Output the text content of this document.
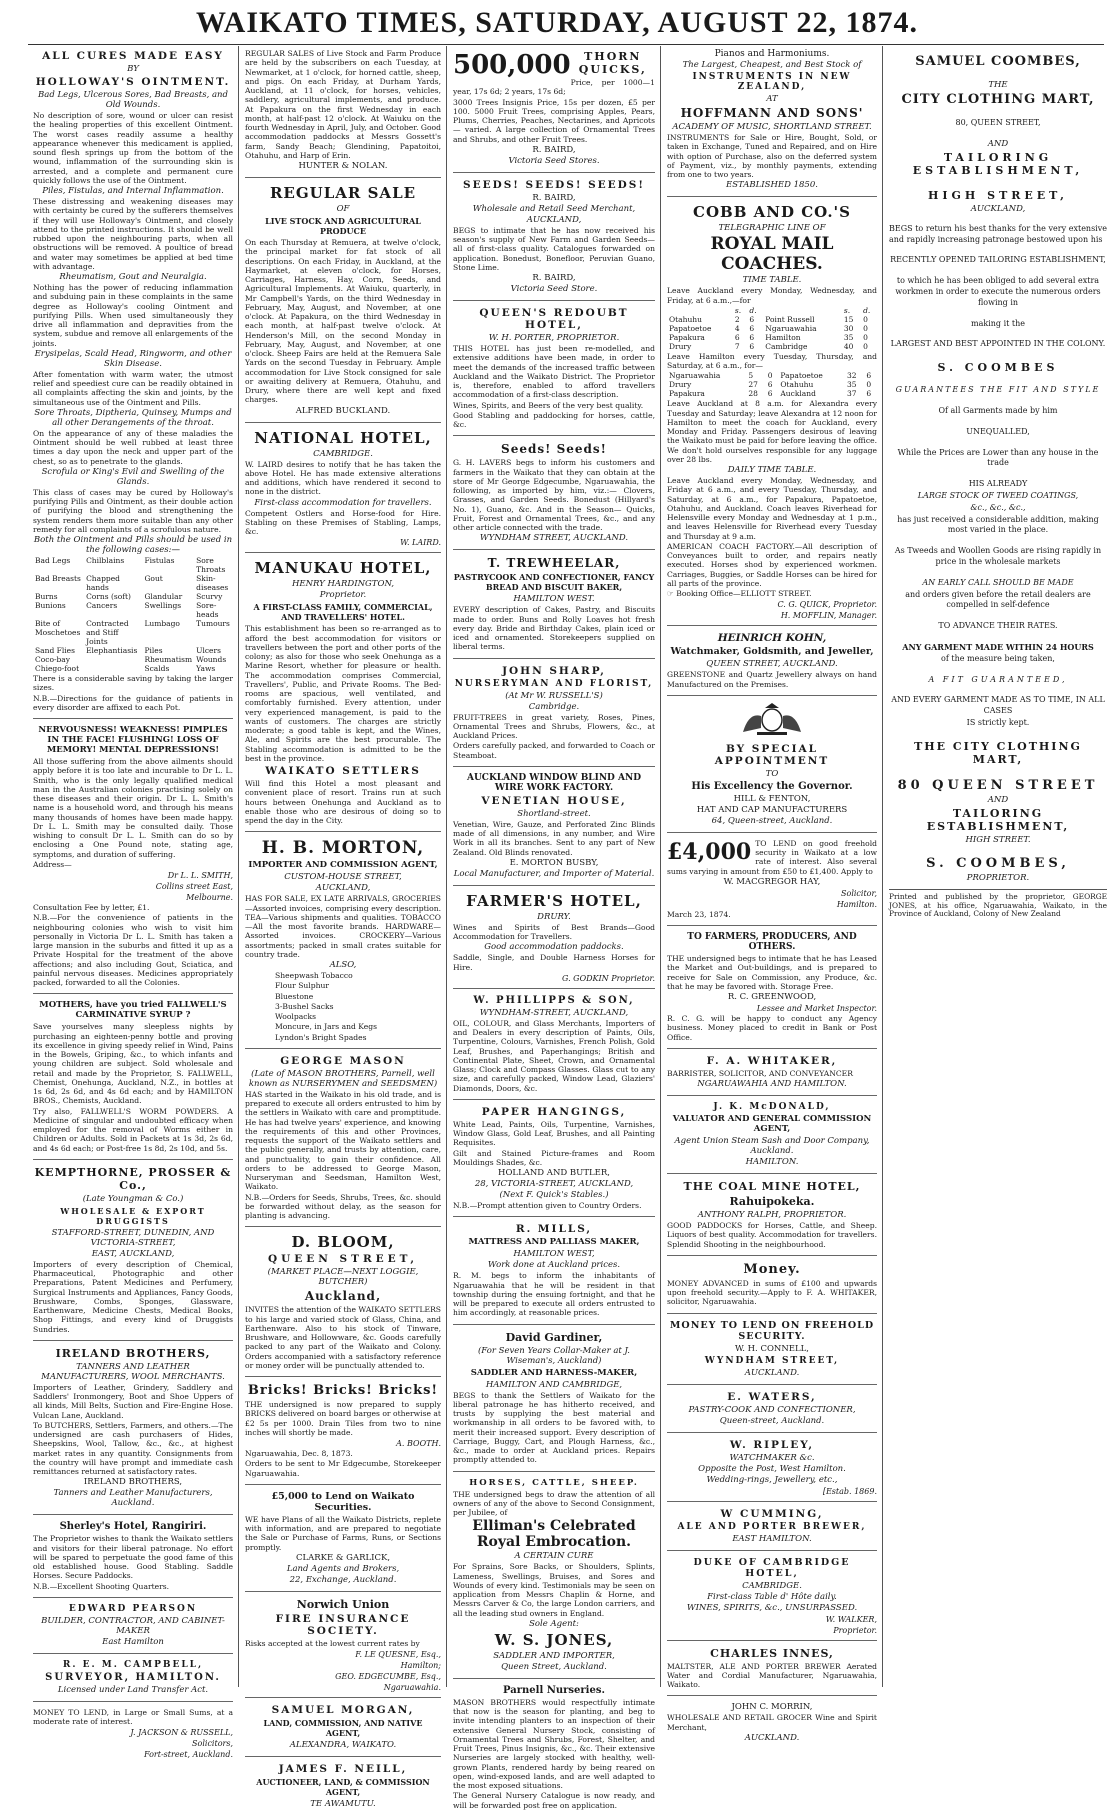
WAIKATO TIMES, SATURDAY, AUGUST 22, 1874.
ALL CURES MADE EASY
BY
HOLLOWAY'S OINTMENT.
Bad Legs, Ulcerous Sores, Bad Breasts, and Old Wounds.
No description of sore, wound or ulcer can resist the healing properties of this excellent Ointment. The worst cases readily assume a healthy appearance whenever this medicament is applied, sound flesh springs up from the bottom of the wound, inflammation of the surrounding skin is arrested, and a complete and permanent cure quickly follows the use of the Ointment.
Piles, Fistulas, and Internal Inflammation.
These distressing and weakening diseases may with certainty be cured by the sufferers themselves if they will use Holloway's Ointment, and closely attend to the printed instructions. It should be well rubbed upon the neighbouring parts, when all obstructions will be removed. A poultice of bread and water may sometimes be applied at bed time with advantage.
Rheumatism, Gout and Neuralgia.
Nothing has the power of reducing inflammation and subduing pain in these complaints in the same degree as Holloway's cooling Ointment and purifying Pills. When used simultaneously they drive all inflammation and depravities from the system, subdue and remove all enlargements of the joints.
Erysipelas, Scald Head, Ringworm, and other Skin Disease.
After fomentation with warm water, the utmost relief and speediest cure can be readily obtained in all complaints affecting the skin and joints, by the simultaneous use of the Ointment and Pills.
Sore Throats, Diptheria, Quinsey, Mumps and all other Derangements of the throat.
On the appearance of any of these maladies the Ointment should be well rubbed at least three times a day upon the neck and upper part of the chest, so as to penetrate to the glands.
Scrofula or King's Evil and Swelling of the Glands.
This class of cases may be cured by Holloway's purifying Pills and Ointment, as their double action of purifying the blood and strengthening the system renders them more suitable than any other remedy for all complaints of a scrofulous nature.
Both the Ointment and Pills should be used in the following cases:—
Bad Legs	Chilblains	Fistulas	Sore Throats
Bad Breasts	Chapped hands	Gout	Skin-diseases
Burns	Corns (soft)	Glandular	Scurvy
Bunions	Cancers	Swellings	Sore-heads
Bite of Moschetoes	Contracted and Stiff Joints	Lumbago	Tumours
Sand Flies	Elephantiasis	Piles	Ulcers
Coco-bay		Rheumatism	Wounds
Chiego-foot		Scalds	Yaws
There is a considerable saving by taking the larger sizes.
N.B.—Directions for the guidance of patients in every disorder are affixed to each Pot.
NERVOUSNESS! WEAKNESS! PIMPLES IN THE FACE! FLUSHING! LOSS OF MEMORY! MENTAL DEPRESSIONS!
All those suffering from the above ailments should apply before it is too late and incurable to Dr L. L. Smith, who is the only legally qualified medical man in the Australian colonies practising solely on these diseases and their origin. Dr L. L. Smith's name is a household word, and through his means many thousands of homes have been made happy. Dr L. L. Smith may be consulted daily. Those wishing to consult Dr L. L. Smith can do so by enclosing a One Pound note, stating age, symptoms, and duration of suffering.
Address—
Dr L. L. SMITH,
Collins street East,
Melbourne.
Consultation Fee by letter, £1.
N.B.—For the convenience of patients in the neighbouring colonies who wish to visit him personally in Victoria Dr L. L. Smith has taken a large mansion in the suburbs and fitted it up as a Private Hospital for the treatment of the above affections; and also including Gout, Sciatica, and painful nervous diseases. Medicines appropriately packed, forwarded to all the Colonies.
MOTHERS, have you tried FALLWELL'S CARMINATIVE SYRUP ?
Save yourselves many sleepless nights by purchasing an eighteen-penny bottle and proving its excellence in giving speedy relief in Wind, Pains in the Bowels, Griping, &c., to which infants and young children are subject. Sold wholesale and retail and made by the Proprietor, S. FALLWELL, Chemist, Onehunga, Auckland, N.Z., in bottles at 1s 6d, 2s 6d, and 4s 6d each; and by HAMILTON BROS., Chemists, Auckland.
Try also, FALLWELL'S WORM POWDERS. A Medicine of singular and undoubted efficacy when employed for the removal of Worms either in Children or Adults. Sold in Packets at 1s 3d, 2s 6d, and 4s 6d each; or Post-free 1s 8d, 2s 10d, and 5s.
KEMPTHORNE, PROSSER & Co.,
(Late Youngman & Co.)
WHOLESALE & EXPORT DRUGGISTS
STAFFORD-STREET, DUNEDIN, AND VICTORIA-STREET,
EAST, AUCKLAND,
Importers of every description of Chemical, Pharmaceutical, Photographic and other Preparations, Patent Medicines and Perfumery, Surgical Instruments and Appliances, Fancy Goods, Brushware, Combs, Sponges, Glassware, Earthenware, Medicine Chests, Medical Books, Shop Fittings, and every kind of Druggists Sundries.
IRELAND BROTHERS,
TANNERS AND LEATHER MANUFACTURERS, WOOL MERCHANTS.
Importers of Leather, Grindery, Saddlery and Saddlers' Ironmongery, Boot and Shoe Uppers of all kinds, Mill Belts, Suction and Fire-Engine Hose. Vulcan Lane, Auckland.
To BUTCHERS, Settlers, Farmers, and others.—The undersigned are cash purchasers of Hides, Sheepskins, Wool, Tallow, &c., &c., at highest market rates in any quantity. Consignments from the country will have prompt and immediate cash remittances returned at satisfactory rates.
IRELAND BROTHERS,
Tanners and Leather Manufacturers, Auckland.
Sherley's Hotel, Rangiriri.
The Proprietor wishes to thank the Waikato settlers and visitors for their liberal patronage. No effort will be spared to perpetuate the good fame of this old established house. Good Stabling. Saddle Horses. Secure Paddocks.
N.B.—Excellent Shooting Quarters.
EDWARD PEARSON
BUILDER, CONTRACTOR, AND CABINET-MAKER
East Hamilton
R. E. M. CAMPBELL,
SURVEYOR, HAMILTON.
Licensed under Land Transfer Act.
MONEY TO LEND, in Large or Small Sums, at a moderate rate of interest.
J. JACKSON & RUSSELL,
Solicitors,
Fort-street, Auckland.
REGULAR SALES of Live Stock and Farm Produce are held by the subscribers on each Tuesday, at Newmarket, at 1 o'clock, for horned cattle, sheep, and pigs. On each Friday, at Durham Yards, Auckland, at 11 o'clock, for horses, vehicles, saddlery, agricultural implements, and produce. At Papakura on the first Wednesday in each month, at half-past 12 o'clock. At Waiuku on the fourth Wednesday in April, July, and October. Good accommodation paddocks at Messrs Gossett's farm, Sandy Beach; Glendining, Papatoitoi, Otahuhu, and Harp of Erin.
HUNTER & NOLAN.
REGULAR SALE
OF
LIVE STOCK AND AGRICULTURAL PRODUCE
On each Thursday at Remuera, at twelve o'clock, the principal market for fat stock of all descriptions. On each Friday, in Auckland, at the Haymarket, at eleven o'clock, for Horses, Carriages, Harness, Hay, Corn, Seeds, and Agricultural Implements. At Waiuku, quarterly, in Mr Campbell's Yards, on the third Wednesday in February, May, August, and November, at one o'clock. At Papakura, on the third Wednesday in each month, at half-past twelve o'clock. At Henderson's Mill, on the second Monday in February, May, August, and November, at one o'clock. Sheep Fairs are held at the Remuera Sale Yards on the second Tuesday in February. Ample accommodation for Live Stock consigned for sale or awaiting delivery at Remuera, Otahuhu, and Drury, where there are well kept and fixed charges.
ALFRED BUCKLAND.
NATIONAL HOTEL,
CAMBRIDGE.
W. LAIRD desires to notify that he has taken the above Hotel. He has made extensive alterations and additions, which have rendered it second to none in the district.
First-class accommodation for travellers.
Competent Ostlers and Horse-food for Hire. Stabling on these Premises of Stabling, Lamps, &c.
W. LAIRD.
MANUKAU HOTEL,
HENRY HARDINGTON,
Proprietor.
A FIRST-CLASS FAMILY, COMMERCIAL, AND TRAVELLERS' HOTEL.
This establishment has been so re-arranged as to afford the best accommodation for visitors or travellers between the port and other ports of the colony; as also for those who seek Onehunga as a Marine Resort, whether for pleasure or health. The accommodation comprises Commercial, Travellers', Public, and Private Rooms. The Bed-rooms are spacious, well ventilated, and comfortably furnished. Every attention, under very experienced management, is paid to the wants of customers. The charges are strictly moderate; a good table is kept, and the Wines, Ale, and Spirits are the best procurable. The Stabling accommodation is admitted to be the best in the province.
WAIKATO SETTLERS
Will find this Hotel a most pleasant and convenient place of resort. Trains run at such hours between Onehunga and Auckland as to enable those who are desirous of doing so to spend the day in the City.
H. B. MORTON,
IMPORTER AND COMMISSION AGENT,
CUSTOM-HOUSE STREET,
AUCKLAND,
HAS FOR SALE, EX LATE ARRIVALS, GROCERIES—Assorted invoices, comprising every description. TEA—Various shipments and qualities. TOBACCO—All the most favorite brands. HARDWARE—Assorted invoices. CROCKERY—Various assortments; packed in small crates suitable for country trade.
ALSO,
Sheepwash Tobacco
Flour Sulphur
Bluestone
3-Bushel Sacks
Woolpacks
Moncure, in Jars and Kegs
Lyndon's Bright Spades
GEORGE MASON
(Late of MASON BROTHERS, Parnell, well known as NURSERYMEN and SEEDSMEN)
HAS started in the Waikato in his old trade, and is prepared to execute all orders entrusted to him by the settlers in Waikato with care and promptitude. He has had twelve years' experience, and knowing the requirements of this and other Provinces, requests the support of the Waikato settlers and the public generally, and trusts by attention, care, and punctuality, to gain their confidence. All orders to be addressed to George Mason, Nurseryman and Seedsman, Hamilton West, Waikato.
N.B.—Orders for Seeds, Shrubs, Trees, &c. should be forwarded without delay, as the season for planting is advancing.
D. BLOOM,
QUEEN STREET,
(MARKET PLACE—NEXT LOGGIE, BUTCHER)
Auckland,
INVITES the attention of the WAIKATO SETTLERS to his large and varied stock of Glass, China, and Earthenware. Also to his stock of Tinware, Brushware, and Hollowware, &c. Goods carefully packed to any part of the Waikato and Colony. Orders accompanied with a satisfactory reference or money order will be punctually attended to.
Bricks! Bricks! Bricks!
THE undersigned is now prepared to supply BRICKS delivered on board barges or otherwise at £2 5s per 1000. Drain Tiles from two to nine inches will shortly be made.
A. BOOTH.
Ngaruawahia, Dec. 8, 1873.
Orders to be sent to Mr Edgecumbe, Storekeeper Ngaruawahia.
£5,000 to Lend on Waikato Securities.
WE have Plans of all the Waikato Districts, replete with information, and are prepared to negotiate the Sale or Purchase of Farms, Runs, or Sections promptly.
CLARKE & GARLICK,
Land Agents and Brokers,
22, Exchange, Auckland.
Norwich Union
FIRE INSURANCE SOCIETY.
Risks accepted at the lowest current rates by
F. LE QUESNE, Esq.,
Hamilton;
GEO. EDGECUMBE, Esq.,
Ngaruawahia.
SAMUEL MORGAN,
LAND, COMMISSION, AND NATIVE AGENT,
ALEXANDRA, WAIKATO.
JAMES F. NEILL,
AUCTIONEER, LAND, & COMMISSION AGENT,
TE AWAMUTU.
500,000	THORN QUICKS,
Price, per 1000—1 year, 17s 6d; 2 years, 17s 6d;
3000 Trees Insignis Price, 15s per dozen, £5 per 100. 5000 Fruit Trees, comprising Apples, Pears, Plums, Cherries, Peaches, Nectarines, and Apricots — varied. A large collection of Ornamental Trees and Shrubs, and other Fruit Trees.
R. BAIRD,
Victoria Seed Stores.
SEEDS! SEEDS! SEEDS!
R. BAIRD,
Wholesale and Retail Seed Merchant,
AUCKLAND,
BEGS to intimate that he has now received his season's supply of New Farm and Garden Seeds—all of first-class quality. Catalogues forwarded on application. Bonedust, Bonefloor, Peruvian Guano, Stone Lime.
R. BAIRD,
Victoria Seed Store.
QUEEN'S REDOUBT HOTEL,
W. H. PORTER, PROPRIETOR.
THIS HOTEL has just been re-modelled, and extensive additions have been made, in order to meet the demands of the increased traffic between Auckland and the Waikato District. The Proprietor is, therefore, enabled to afford travellers accommodation of a first-class description.
Wines, Spirits, and Beers of the very best quality.
Good Stabling and paddocking for horses, cattle, &c.
Seeds! Seeds!
G. H. LAVERS begs to inform his customers and farmers in the Waikato that they can obtain at the store of Mr George Edgecumbe, Ngaruawahia, the following, as imported by him, viz.:— Clovers, Grasses, and Garden Seeds. Bonedust (Hillyard's No. 1), Guano, &c. And in the Season— Quicks, Fruit, Forest and Ornamental Trees, &c., and any other article connected with the trade.
WYNDHAM STREET, AUCKLAND.
T. TREWHEELAR,
PASTRYCOOK AND CONFECTIONER, FANCY BREAD AND BISCUIT BAKER,
HAMILTON WEST.
EVERY description of Cakes, Pastry, and Biscuits made to order. Buns and Rolly Loaves hot fresh every day. Bride and Birthday Cakes, plain iced or iced and ornamented. Storekeepers supplied on liberal terms.
JOHN SHARP,
NURSERYMAN AND FLORIST,
(At Mr W. RUSSELL'S)
Cambridge.
FRUIT-TREES in great variety, Roses, Pines, Ornamental Trees and Shrubs, Flowers, &c., at Auckland Prices.
Orders carefully packed, and forwarded to Coach or Steamboat.
AUCKLAND WINDOW BLIND AND WIRE WORK FACTORY.
VENETIAN HOUSE,
Shortland-street.
Venetian, Wire, Gauze, and Perforated Zinc Blinds made of all dimensions, in any number, and Wire Work in all its branches. Sent to any part of New Zealand. Old Blinds renovated.
E. MORTON BUSBY,
Local Manufacturer, and Importer of Material.
FARMER'S HOTEL,
DRURY.
Wines and Spirits of Best Brands—Good Accommodation for Travellers.
Good accommodation paddocks.
Saddle, Single, and Double Harness Horses for Hire.
G. GODKIN Proprietor.
W. PHILLIPPS & SON,
WYNDHAM-STREET, AUCKLAND,
OIL, COLOUR, and Glass Merchants, Importers of and Dealers in every description of Paints, Oils, Turpentine, Colours, Varnishes, French Polish, Gold Leaf, Brushes, and Paperhangings; British and Continental Plate, Sheet, Crown, and Ornamental Glass; Clock and Compass Glasses. Glass cut to any size, and carefully packed, Window Lead, Glaziers' Diamonds, Doors, &c.
PAPER HANGINGS,
White Lead, Paints, Oils, Turpentine, Varnishes, Window Glass, Gold Leaf, Brushes, and all Painting Requisites.
Gilt and Stained Picture-frames and Room Mouldings Shades, &c.
HOLLAND AND BUTLER,
28, VICTORIA-STREET, AUCKLAND,
(Next F. Quick's Stables.)
N.B.—Prompt attention given to Country Orders.
R. MILLS,
MATTRESS AND PALLIASS MAKER,
HAMILTON WEST,
Work done at Auckland prices.
R. M. begs to inform the inhabitants of Ngaruawahia that he will be resident in that township during the ensuing fortnight, and that he will be prepared to execute all orders entrusted to him accordingly, at reasonable prices.
David Gardiner,
(For Seven Years Collar-Maker at J. Wiseman's, Auckland)
SADDLER AND HARNESS-MAKER,
HAMILTON AND CAMBRIDGE,
BEGS to thank the Settlers of Waikato for the liberal patronage he has hitherto received, and trusts by supplying the best material and workmanship in all orders to be favored with, to merit their increased support. Every description of Carriage, Buggy, Cart, and Plough Harness, &c., &c., made to order at Auckland prices. Repairs promptly attended to.
HORSES, CATTLE, SHEEP.
THE undersigned begs to draw the attention of all owners of any of the above to Second Consignment, per Jubilee, of
Elliman's Celebrated Royal Embrocation.
A CERTAIN CURE
For Sprains, Sore Backs, or Shoulders, Splints, Lameness, Swellings, Bruises, and Sores and Wounds of every kind. Testimonials may be seen on application from Messrs Chaplin & Horne, and Messrs Carver & Co, the large London carriers, and all the leading stud owners in England.
Sole Agent:
W. S. JONES,
SADDLER AND IMPORTER,
Queen Street, Auckland.
Parnell Nurseries.
MASON BROTHERS would respectfully intimate that now is the season for planting, and beg to invite intending planters to an inspection of their extensive General Nursery Stock, consisting of Ornamental Trees and Shrubs, Forest, Shelter, and Fruit Trees, Pinus Insignis, &c., &c. Their extensive Nurseries are largely stocked with healthy, well-grown Plants, rendered hardy by being reared on open, wind-exposed lands, and are well adapted to the most exposed situations.
The General Nursery Catalogue is now ready, and will be forwarded post free on application.
Pianos and Harmoniums.
The Largest, Cheapest, and Best Stock of
INSTRUMENTS IN NEW ZEALAND,
AT
HOFFMANN AND SONS'
ACADEMY OF MUSIC, SHORTLAND STREET.
INSTRUMENTS for Sale or Hire, Bought, Sold, or taken in Exchange, Tuned and Repaired, and on Hire with option of Purchase, also on the deferred system of Payment, viz., by monthly payments, extending from one to two years.
ESTABLISHED 1850.
COBB AND CO.'S
TELEGRAPHIC LINE OF
ROYAL MAIL COACHES.
TIME TABLE.
Leave Auckland every Monday, Wednesday, and Friday, at 6 a.m.,—for
	s.	d.		s.	d.
Otahuhu	2	6	Point Russell	15	0
Papatoetoe	4	6	Ngaruawahia	30	0
Papakura	6	6	Hamilton	35	0
Drury	7	6	Cambridge	40	0
Leave Hamilton every Tuesday, Thursday, and Saturday, at 6 a.m., for—
Ngaruawahia	5	0	Papatoetoe	32	6
Drury	27	6	Otahuhu	35	0
Papakura	28	6	Auckland	37	6
Leave Auckland at 8 a.m. for Alexandra every Tuesday and Saturday; leave Alexandra at 12 noon for Hamilton to meet the coach for Auckland, every Monday and Friday. Passengers desirous of leaving the Waikato must be paid for before leaving the office. We don't hold ourselves responsible for any luggage over 28 lbs.
DAILY TIME TABLE.
Leave Auckland every Monday, Wednesday, and Friday at 6 a.m., and every Tuesday, Thursday, and Saturday, at 6 a.m., for Papakura, Papatoetoe, Otahuhu, and Auckland. Coach leaves Riverhead for Helensville every Monday and Wednesday at 1 p.m., and leaves Helensville for Riverhead every Tuesday and Thursday at 9 a.m.
AMERICAN COACH FACTORY.—All description of Conveyances built to order, and repairs neatly executed. Horses shod by experienced workmen. Carriages, Buggies, or Saddle Horses can be hired for all parts of the province.
☞ Booking Office—ELLIOTT STREET.
C. G. QUICK, Proprietor.
H. MOFFLIN, Manager.
HEINRICH KOHN,
Watchmaker, Goldsmith, and Jeweller,
QUEEN STREET, AUCKLAND.
GREENSTONE and Quartz Jewellery always on hand Manufactured on the Premises.
BY SPECIAL APPOINTMENT
TO
His Excellency the Governor.
HILL & FENTON,
HAT AND CAP MANUFACTURERS
64, Queen-street, Auckland.
£4,000 TO LEND on good freehold security in Waikato at a low rate of interest. Also several sums varying in amount from £50 to £1,400. Apply to
W. MACGREGOR HAY,
Solicitor,
Hamilton.
March 23, 1874.
TO FARMERS, PRODUCERS, AND OTHERS.
THE undersigned begs to intimate that he has Leased the Market and Out-buildings, and is prepared to receive for Sale on Commission, any Produce, &c. that he may be favored with. Storage Free.
R. C. GREENWOOD,
Lessee and Market Inspector.
R. C. G. will be happy to conduct any Agency business. Money placed to credit in Bank or Post Office.
F. A. WHITAKER,
BARRISTER, SOLICITOR, AND CONVEYANCER
NGARUAWAHIA AND HAMILTON.
J. K. McDONALD,
VALUATOR AND GENERAL COMMISSION AGENT,
Agent Union Steam Sash and Door Company, Auckland.
HAMILTON.
THE COAL MINE HOTEL,
Rahuipokeka.
ANTHONY RALPH, PROPRIETOR.
GOOD PADDOCKS for Horses, Cattle, and Sheep. Liquors of best quality. Accommodation for travellers. Splendid Shooting in the neighbourhood.
Money.
MONEY ADVANCED in sums of £100 and upwards upon freehold security.—Apply to F. A. WHITAKER, solicitor, Ngaruawahia.
MONEY TO LEND ON FREEHOLD SECURITY.
W. H. CONNELL,
WYNDHAM STREET,
AUCKLAND.
E. WATERS,
PASTRY-COOK AND CONFECTIONER,
Queen-street, Auckland.
W. RIPLEY,
WATCHMAKER &c.
Opposite the Post, West Hamilton.
Wedding-rings, Jewellery, etc.,
[Estab. 1869.
W CUMMING,
ALE AND PORTER BREWER,
EAST HAMILTON.
DUKE OF CAMBRIDGE HOTEL,
CAMBRIDGE.
First-class Table d' Hôte daily.
WINES, SPIRITS, &c., UNSURPASSED.
W. WALKER,
Proprietor.
CHARLES INNES,
MALTSTER, ALE AND PORTER BREWER Aerated Water and Cordial Manufacturer, Ngaruawahia, Waikato.
JOHN C. MORRIN,
WHOLESALE AND RETAIL GROCER Wine and Spirit Merchant,
AUCKLAND.
SAMUEL COOMBES,
THE
CITY CLOTHING MART,
80, QUEEN STREET,
AND
TAILORING ESTABLISHMENT,
HIGH STREET,
AUCKLAND,
BEGS to return his best thanks for the very extensive and rapidly increasing patronage bestowed upon his
RECENTLY OPENED TAILORING ESTABLISHMENT,
to which he has been obliged to add several extra workmen in order to execute the numerous orders flowing in
making it the
LARGEST AND BEST APPOINTED IN THE COLONY.
S. COOMBES
GUARANTEES THE FIT AND STYLE
Of all Garments made by him
UNEQUALLED,
While the Prices are Lower than any house in the trade
HIS ALREADY
LARGE STOCK OF TWEED COATINGS,
&c., &c., &c.,
has just received a considerable addition, making most varied in the place.
As Tweeds and Woollen Goods are rising rapidly in price in the wholesale markets
AN EARLY CALL SHOULD BE MADE
and orders given before the retail dealers are compelled in self-defence
TO ADVANCE THEIR RATES.
ANY GARMENT MADE WITHIN 24 HOURS
of the measure being taken,
A FIT GUARANTEED,
AND EVERY GARMENT MADE AS TO TIME, IN ALL CASES
IS strictly kept.
THE CITY CLOTHING MART,
80 QUEEN STREET
AND
TAILORING ESTABLISHMENT,
HIGH STREET.
S. COOMBES,
PROPRIETOR.
Printed and published by the proprietor, GEORGE JONES, at his office, Ngaruawahia, Waikato, in the Province of Auckland, Colony of New Zealand
